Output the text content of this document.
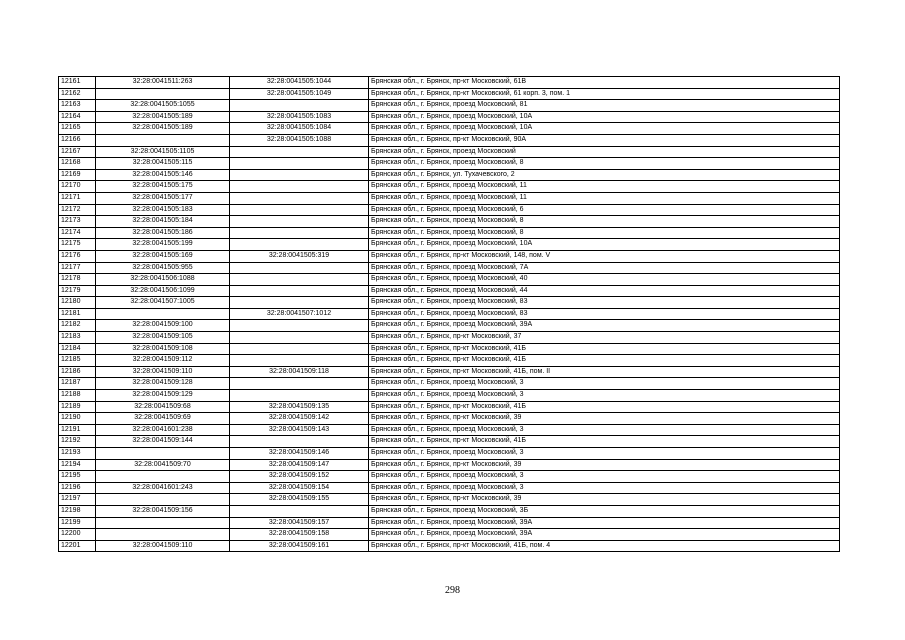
12161	32:28:0041511:263	32:28:0041505:1044	Брянская обл., г. Брянск, пр-кт Московский, 61В
12162		32:28:0041505:1049	Брянская обл., г. Брянск, пр-кт Московский, 61 корп. 3, пом. 1
12163	32:28:0041505:1055		Брянская обл., г. Брянск, проезд Московский, 81
12164	32:28:0041505:189	32:28:0041505:1083	Брянская обл., г. Брянск, проезд Московский, 10А
12165	32:28:0041505:189	32:28:0041505:1084	Брянская обл., г. Брянск, проезд Московский, 10А
12166		32:28:0041505:1088	Брянская обл., г. Брянск, пр-кт Московский, 90А
12167	32:28:0041505:1105		Брянская обл., г. Брянск, проезд Московский
12168	32:28:0041505:115		Брянская обл., г. Брянск, проезд Московский, 8
12169	32:28:0041505:146		Брянская обл., г. Брянск, ул. Тухачевского, 2
12170	32:28:0041505:175		Брянская обл., г. Брянск, проезд Московский, 11
12171	32:28:0041505:177		Брянская обл., г. Брянск, проезд Московский, 11
12172	32:28:0041505:183		Брянская обл., г. Брянск, проезд Московский, 6
12173	32:28:0041505:184		Брянская обл., г. Брянск, проезд Московский, 8
12174	32:28:0041505:186		Брянская обл., г. Брянск, проезд Московский, 8
12175	32:28:0041505:199		Брянская обл., г. Брянск, проезд Московский, 10А
12176	32:28:0041505:169	32:28:0041505:319	Брянская обл., г. Брянск, пр-кт Московский, 148, пом. V
12177	32:28:0041505:955		Брянская обл., г. Брянск, проезд Московский, 7А
12178	32:28:0041506:1088		Брянская обл., г. Брянск, проезд Московский, 40
12179	32:28:0041506:1099		Брянская обл., г. Брянск, проезд Московский, 44
12180	32:28:0041507:1005		Брянская обл., г. Брянск, проезд Московский, 83
12181		32:28:0041507:1012	Брянская обл., г. Брянск, проезд Московский, 83
12182	32:28:0041509:100		Брянская обл., г. Брянск, проезд Московский, 39А
12183	32:28:0041509:105		Брянская обл., г. Брянск, пр-кт Московский, 37
12184	32:28:0041509:108		Брянская обл., г. Брянск, пр-кт Московский, 41Б
12185	32:28:0041509:112		Брянская обл., г. Брянск, пр-кт Московский, 41Б
12186	32:28:0041509:110	32:28:0041509:118	Брянская обл., г. Брянск, пр-кт Московский, 41Б, пом. II
12187	32:28:0041509:128		Брянская обл., г. Брянск, проезд Московский, 3
12188	32:28:0041509:129		Брянская обл., г. Брянск, проезд Московский, 3
12189	32:28:0041509:68	32:28:0041509:135	Брянская обл., г. Брянск, пр-кт Московский, 41Б
12190	32:28:0041509:69	32:28:0041509:142	Брянская обл., г. Брянск, пр-кт Московский, 39
12191	32:28:0041601:238	32:28:0041509:143	Брянская обл., г. Брянск, проезд Московский, 3
12192	32:28:0041509:144		Брянская обл., г. Брянск, пр-кт Московский, 41Б
12193		32:28:0041509:146	Брянская обл., г. Брянск, проезд Московский, 3
12194	32:28:0041509:70	32:28:0041509:147	Брянская обл., г. Брянск, пр-кт Московский, 39
12195		32:28:0041509:152	Брянская обл., г. Брянск, проезд Московский, 3
12196	32:28:0041601:243	32:28:0041509:154	Брянская обл., г. Брянск, проезд Московский, 3
12197		32:28:0041509:155	Брянская обл., г. Брянск, пр-кт Московский, 39
12198	32:28:0041509:156		Брянская обл., г. Брянск, проезд Московский, 3Б
12199		32:28:0041509:157	Брянская обл., г. Брянск, проезд Московский, 39А
12200		32:28:0041509:158	Брянская обл., г. Брянск, проезд Московский, 39А
12201	32:28:0041509:110	32:28:0041509:161	Брянская обл., г. Брянск, пр-кт Московский, 41Б, пом. 4
298
